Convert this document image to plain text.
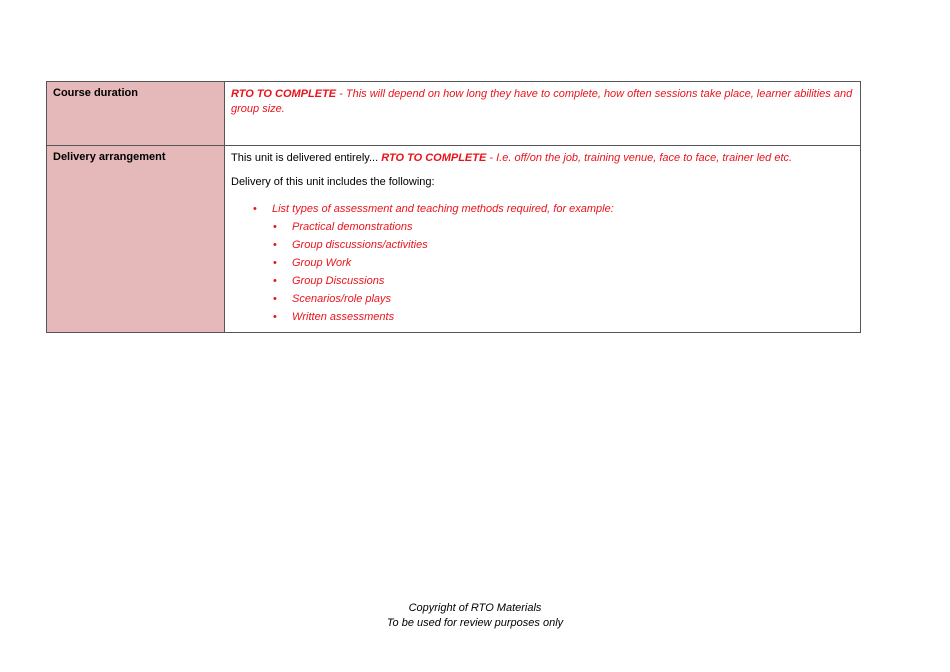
Course duration	RTO TO COMPLETE - This will depend on how long they have to complete, how often sessions take place, learner abilities and group size.

Delivery arrangement	This unit is delivered entirely... RTO TO COMPLETE - I.e. off/on the job, training venue, face to face, trainer led etc.

Delivery of this unit includes the following:

• List types of assessment and teaching methods required, for example:
• Practical demonstrations
• Group discussions/activities
• Group Work
• Group Discussions
• Scenarios/role plays
• Written assessments
Copyright of RTO Materials
To be used for review purposes only
